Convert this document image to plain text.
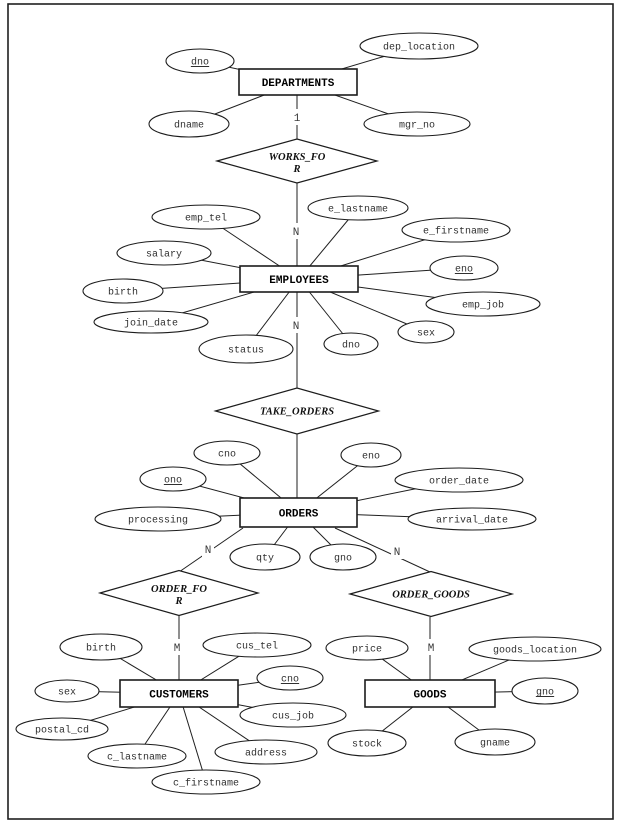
WORKS_FO
R
TAKE_ORDERS
ORDER_FO
R
ORDER_GOODS
DEPARTMENTS
EMPLOYEES
ORDERS
CUSTOMERS	GOODS
dno
dep_location
dname	mgr_no
emp_tel
salary
birth
join_date
status	dno
sex
emp_job
eno
e_firstname
e_lastname
cno
ono
processing
eno
order_date
arrival_date
qty	gno
birth	cus_tel
cno
sex
cus_job
postal_cd
c_lastname	address
c_firstname
price	goods_location
gno
gname
stock
1
N
N
N
M
N
M
